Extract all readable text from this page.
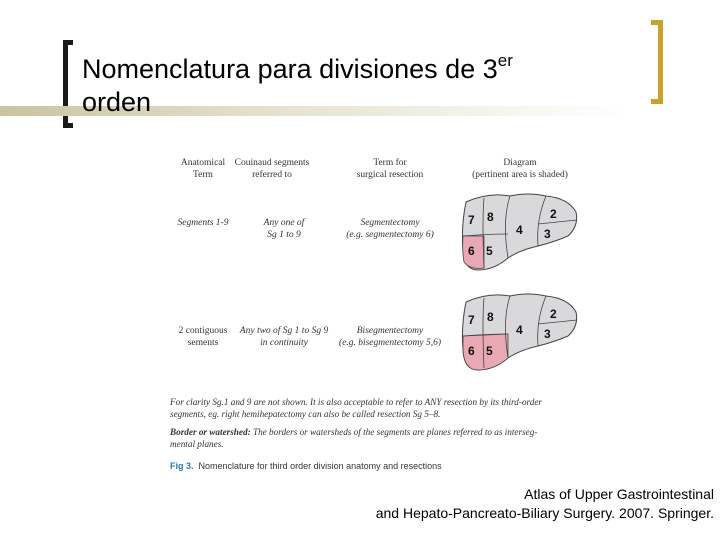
Nomenclatura para divisiones de 3er
orden
Anatomical
Term
Couinaud segments
referred to
Term for
surgical resection
Diagram
(pertinent area is shaded)
Segments 1-9	Any one of
Sg 1 to 9
Segmentectomy
(e.g. segmentectomy 6)
2 contiguous
sements
Any two of Sg 1 to Sg 9
in continuity
Bisegmentectomy
(e.g. bisegmentectomy 5,6)
7 8
4
2
3
6 5
7 8
4
2
3
6 5
For clarity Sg.1 and 9 are not shown. It is also acceptable to refer to ANY resection by its third-order
segments, eg. right hemihepatectomy can also be called resection Sg 5–8.
Border or watershed: The borders or watersheds of the segments are planes referred to as interseg-
mental planes.
Fig 3. Nomenclature for third order division anatomy and resections
Atlas of Upper Gastrointestinal
and Hepato-Pancreato-Biliary Surgery. 2007. Springer.
